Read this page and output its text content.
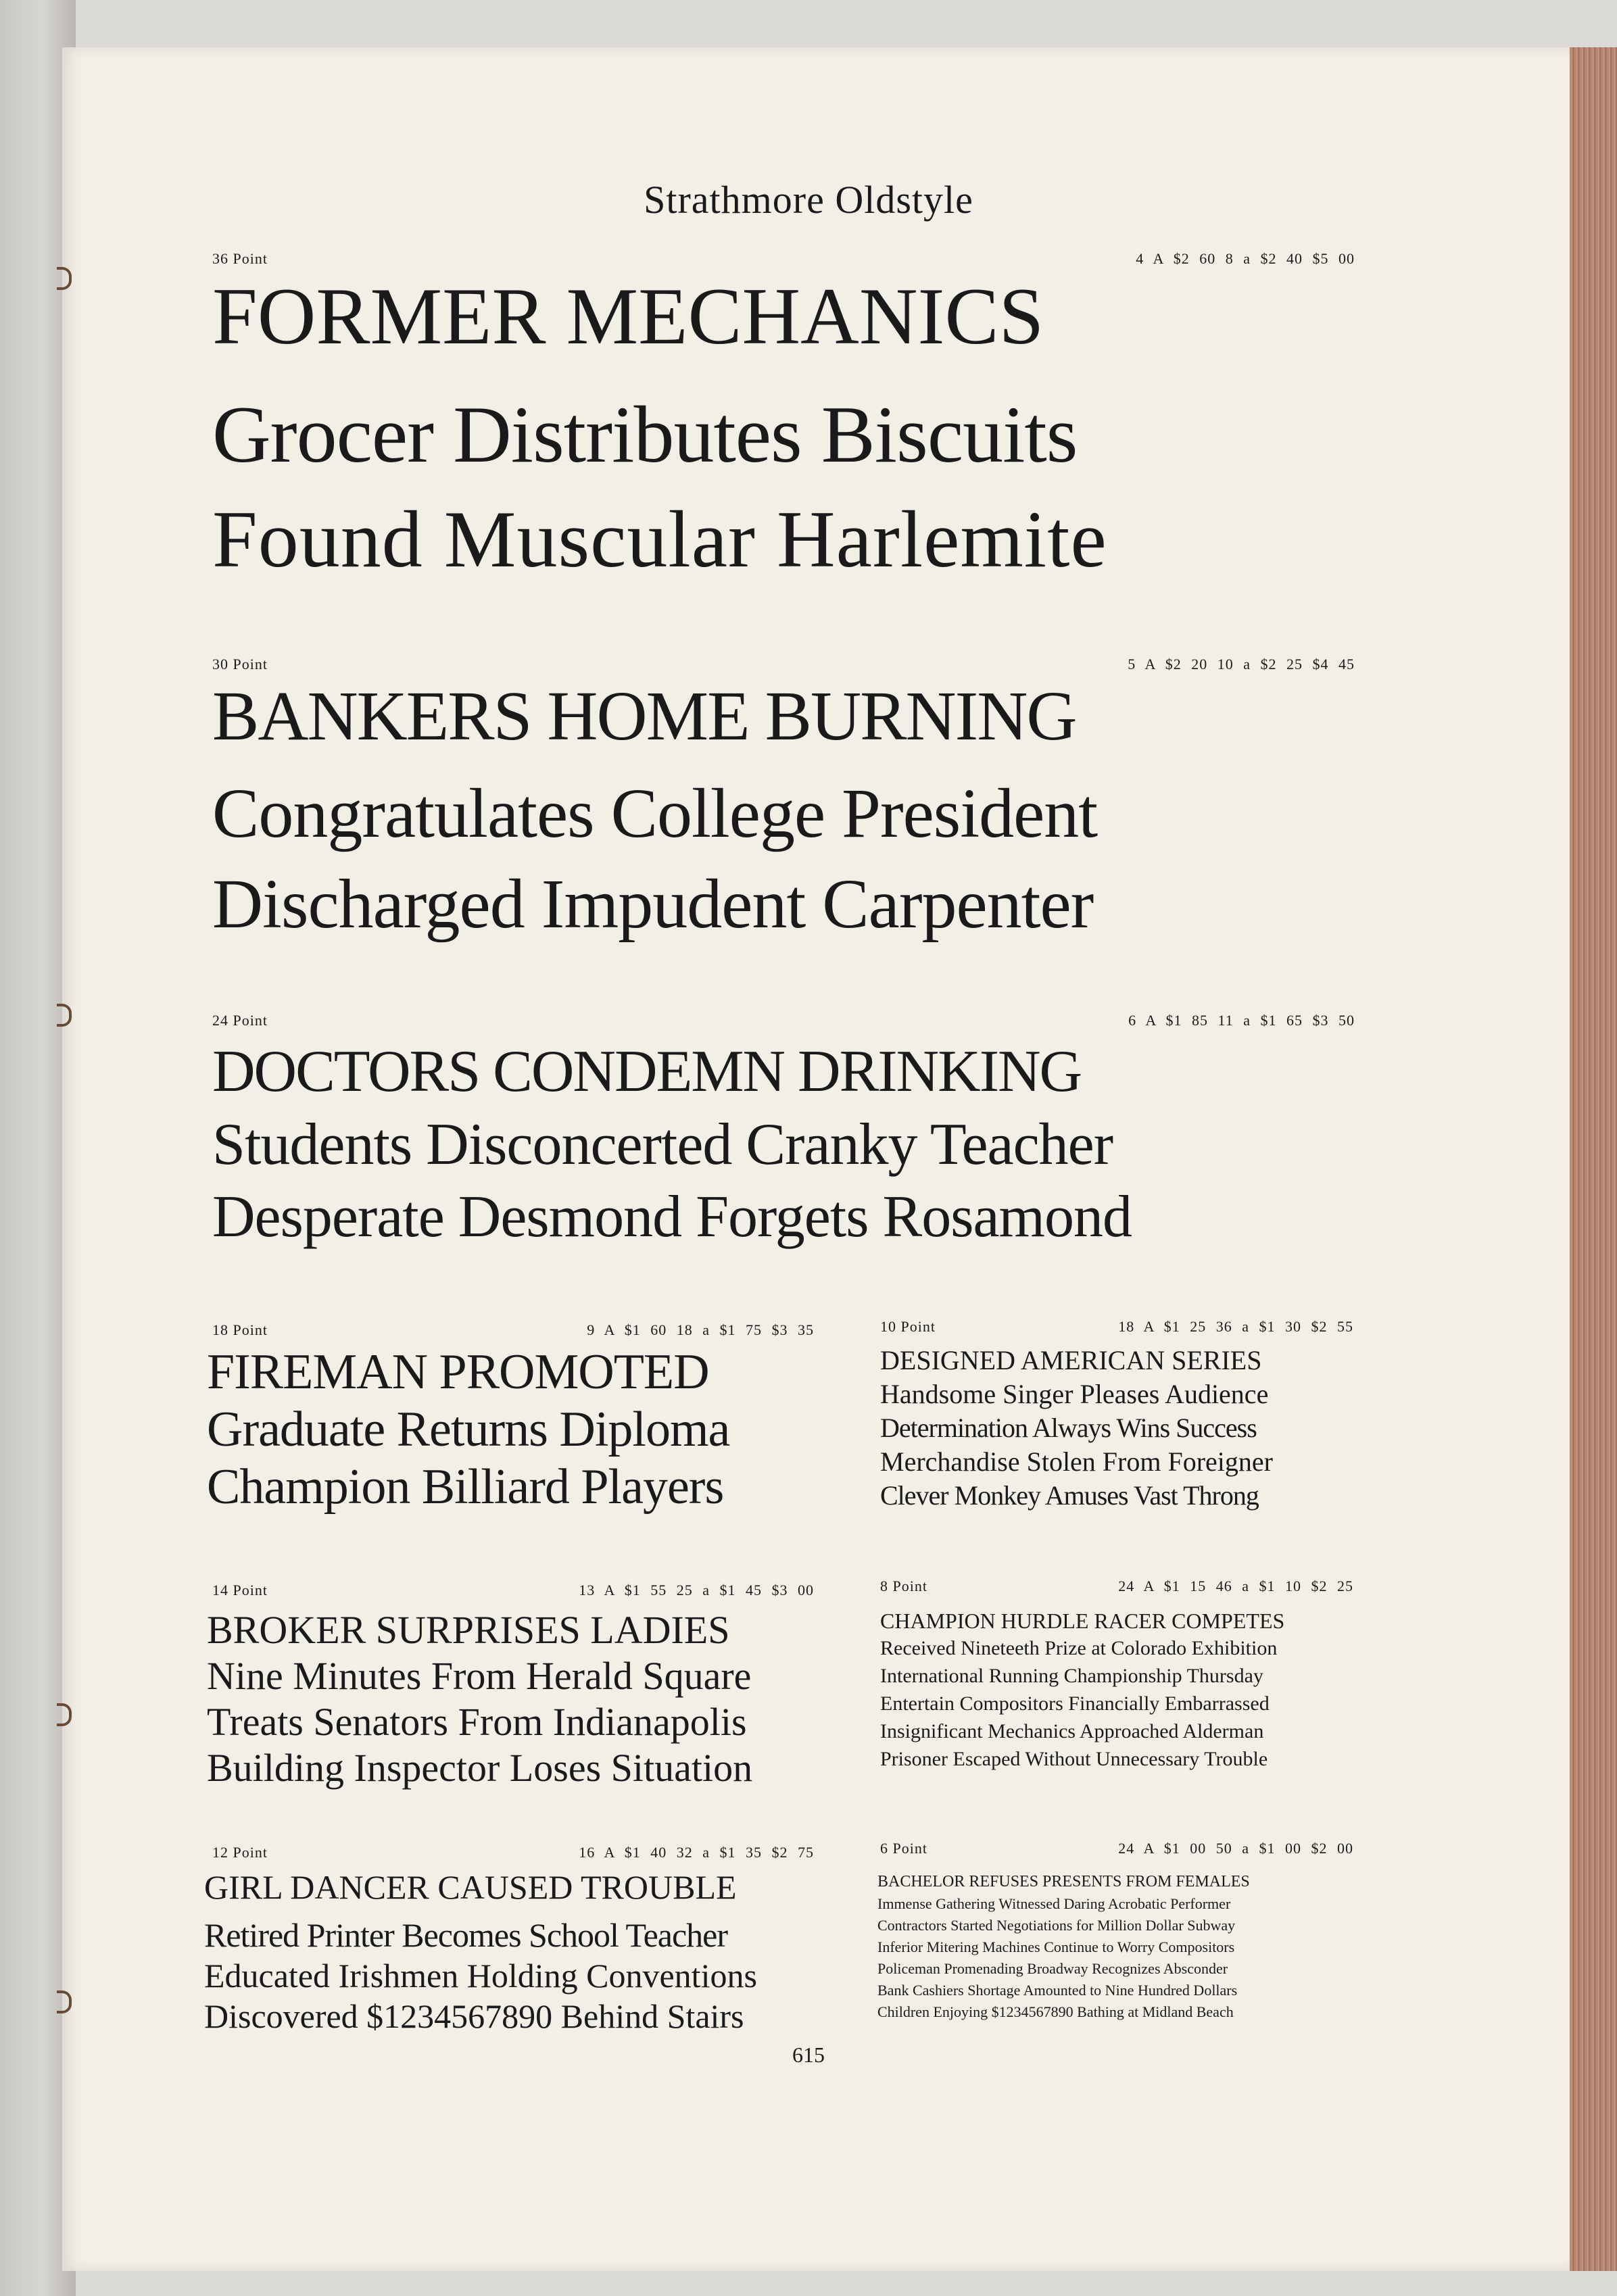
Strathmore Oldstyle
36 Point	4 A $2 60 8 a $2 40 $5 00
FORMER MECHANICS
Grocer Distributes Biscuits
Found Muscular Harlemite
30 Point	5 A $2 20 10 a $2 25 $4 45
BANKERS HOME BURNING
Congratulates College President
Discharged Impudent Carpenter
24 Point	6 A $1 85 11 a $1 65 $3 50
DOCTORS CONDEMN DRINKING
Students Disconcerted Cranky Teacher
Desperate Desmond Forgets Rosamond
18 Point	9 A $1 60 18 a $1 75 $3 35
FIREMAN PROMOTED
Graduate Returns Diploma
Champion Billiard Players
10 Point	18 A $1 25 36 a $1 30 $2 55
DESIGNED AMERICAN SERIES
Handsome Singer Pleases Audience
Determination Always Wins Success
Merchandise Stolen From Foreigner
Clever Monkey Amuses Vast Throng
14 Point	13 A $1 55 25 a $1 45 $3 00
BROKER SURPRISES LADIES
Nine Minutes From Herald Square
Treats Senators From Indianapolis
Building Inspector Loses Situation
8 Point	24 A $1 15 46 a $1 10 $2 25
CHAMPION HURDLE RACER COMPETES
Received Nineteeth Prize at Colorado Exhibition
International Running Championship Thursday
Entertain Compositors Financially Embarrassed
Insignificant Mechanics Approached Alderman
Prisoner Escaped Without Unnecessary Trouble
12 Point	16 A $1 40 32 a $1 35 $2 75
GIRL DANCER CAUSED TROUBLE
Retired Printer Becomes School Teacher
Educated Irishmen Holding Conventions
Discovered $1234567890 Behind Stairs
6 Point	24 A $1 00 50 a $1 00 $2 00
BACHELOR REFUSES PRESENTS FROM FEMALES
Immense Gathering Witnessed Daring Acrobatic Performer
Contractors Started Negotiations for Million Dollar Subway
Inferior Mitering Machines Continue to Worry Compositors
Policeman Promenading Broadway Recognizes Absconder
Bank Cashiers Shortage Amounted to Nine Hundred Dollars
Children Enjoying $1234567890 Bathing at Midland Beach
615
